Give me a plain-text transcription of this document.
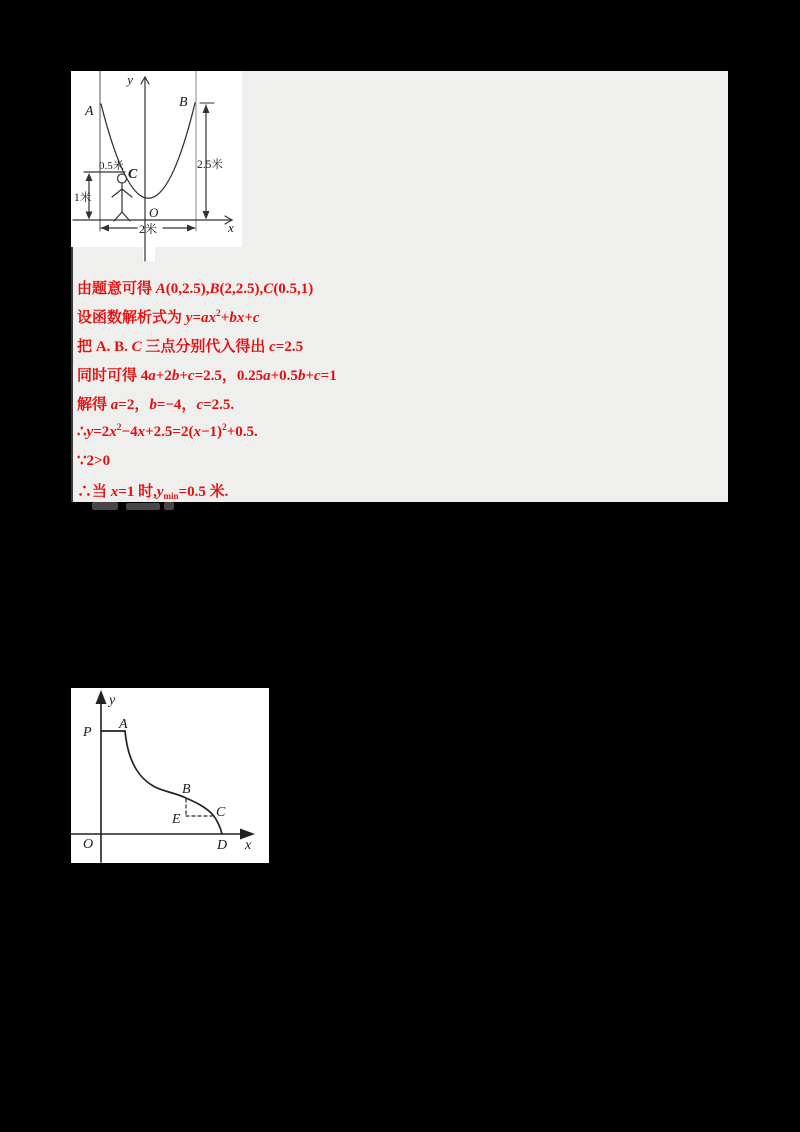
y
x
A
B
C
O
0.5米
1米
2.5米
2米
由题意可得 A(0,2.5),B(2,2.5),C(0.5,1)
设函数解析式为 $y=ax^2+bx+c$
把 A. B. C 三点分别代入得出 c=2.5
同时可得 4a+2b+c=2.5，0.25a+0.5b+c=1
解得 a=2，b=−4，c=2.5.
$\therefore y=2x^2-4x+2.5=2(x-1)^2+0.5$.
∵2>0
∴当 x=1 时$,y_{min}=0.5$ 米.
y
x
O
P
A
B
C
D
E
